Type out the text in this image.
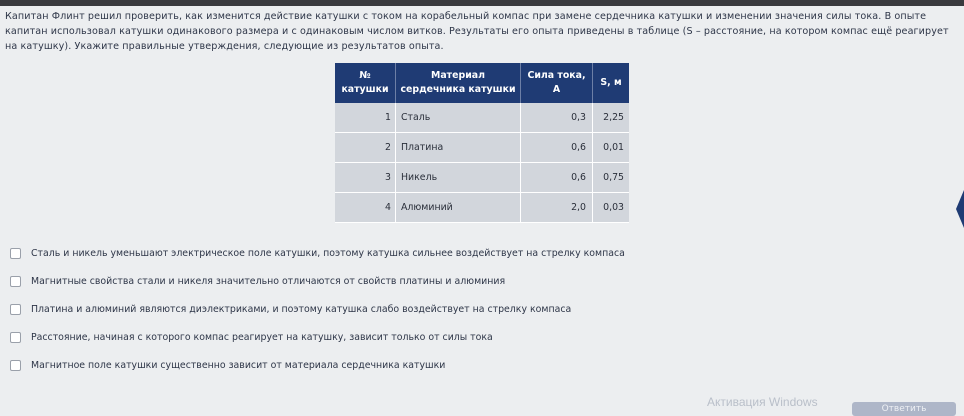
Капитан Флинт решил проверить, как изменится действие катушки с током на корабельный компас при замене сердечника катушки и изменении значения силы тока. В опыте капитан использовал катушки одинакового размера и с одинаковым числом витков. Результаты его опыта приведены в таблице (S – расстояние, на котором компас ещё реагирует на катушку). Укажите правильные утверждения, следующие из результатов опыта.
№ катушки	Материал сердечника катушки	Сила тока, А	S, м
1	Сталь	0,3	2,25
2	Платина	0,6	0,01
3	Никель	0,6	0,75
4	Алюминий	2,0	0,03
Сталь и никель уменьшают электрическое поле катушки, поэтому катушка сильнее воздействует на стрелку компаса
Магнитные свойства стали и никеля значительно отличаются от свойств платины и алюминия
Платина и алюминий являются диэлектриками, и поэтому катушка слабо воздействует на стрелку компаса
Расстояние, начиная с которого компас реагирует на катушку, зависит только от силы тока
Магнитное поле катушки существенно зависит от материала сердечника катушки
Активация Windows	Ответить
